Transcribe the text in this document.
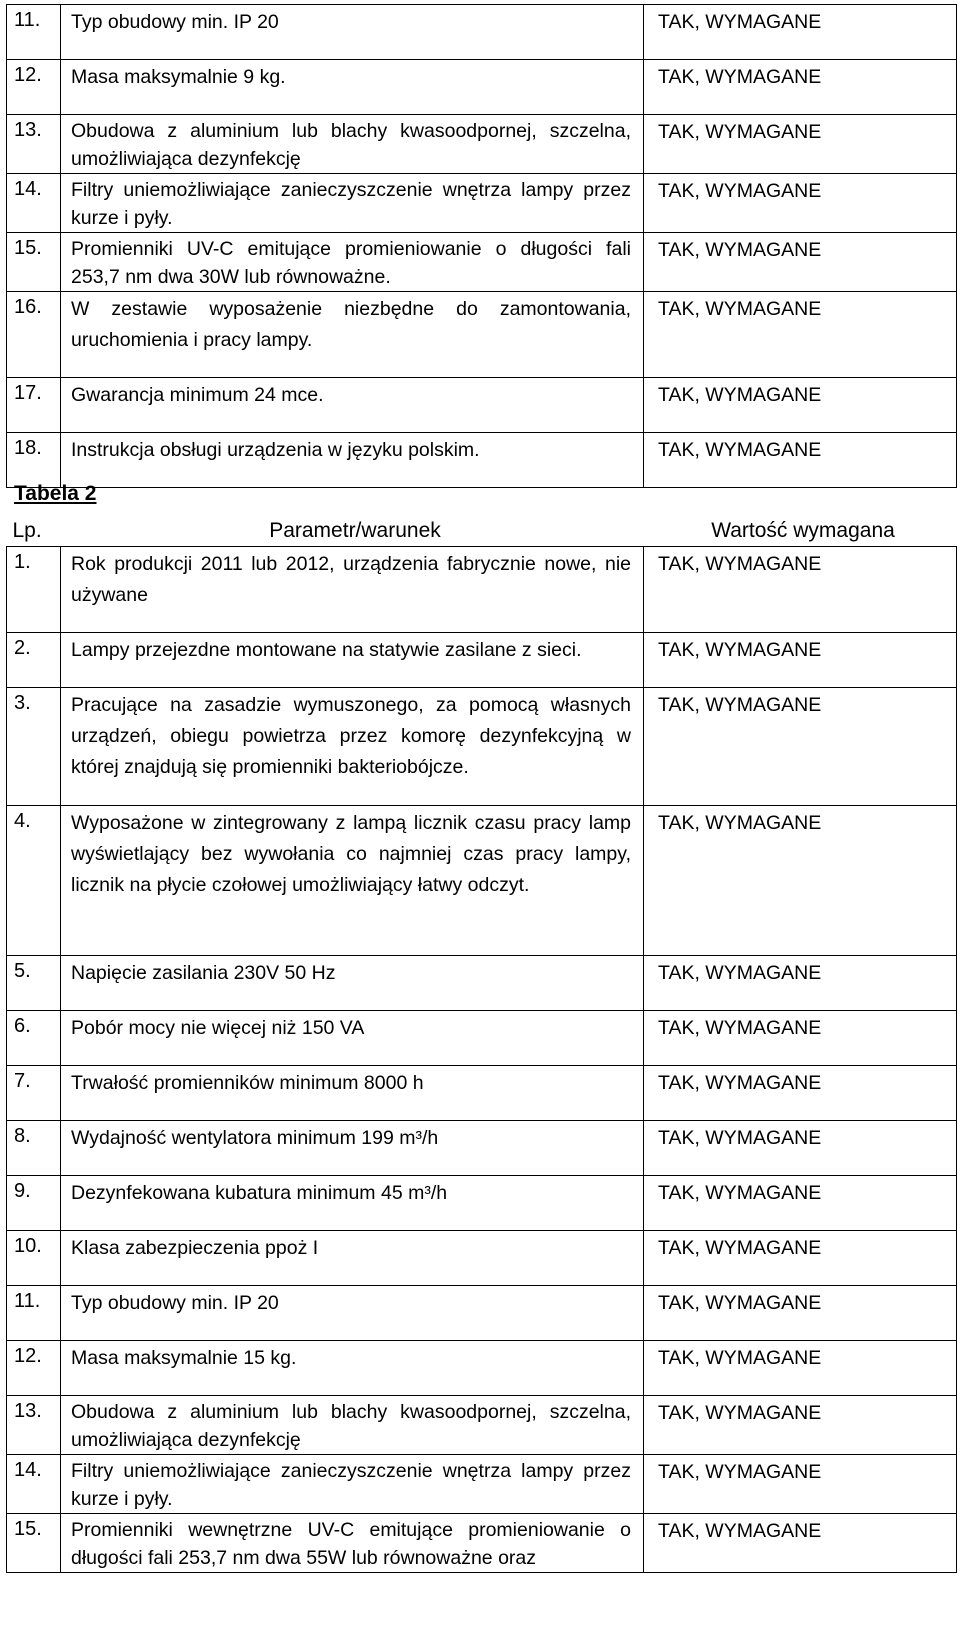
11.	Typ obudowy min. IP 20	TAK, WYMAGANE
12.	Masa maksymalnie 9 kg.	TAK, WYMAGANE
13.	Obudowa z aluminium lub blachy kwasoodpornej, szczelna, umożliwiająca dezynfekcję	TAK, WYMAGANE
14.	Filtry uniemożliwiające zanieczyszczenie wnętrza lampy przez kurze i pyły.	TAK, WYMAGANE
15.	Promienniki UV-C emitujące promieniowanie o długości fali 253,7 nm dwa 30W lub równoważne.	TAK, WYMAGANE
16.	W zestawie wyposażenie niezbędne do zamontowania, uruchomienia i pracy lampy.	TAK, WYMAGANE
17.	Gwarancja minimum 24 mce.	TAK, WYMAGANE
18.	Instrukcja obsługi urządzenia w języku polskim.	TAK, WYMAGANE
Tabela 2
Lp.	Parametr/warunek	Wartość wymagana
1.	Rok produkcji 2011 lub 2012, urządzenia fabrycznie nowe, nie używane	TAK, WYMAGANE
2.	Lampy przejezdne montowane na statywie zasilane z sieci.	TAK, WYMAGANE
3.	Pracujące na zasadzie wymuszonego, za pomocą własnych urządzeń, obiegu powietrza przez komorę dezynfekcyjną w której znajdują się promienniki bakteriobójcze.	TAK, WYMAGANE
4.	Wyposażone w zintegrowany z lampą licznik czasu pracy lamp wyświetlający bez wywołania co najmniej czas pracy lampy, licznik na płycie czołowej umożliwiający łatwy odczyt.	TAK, WYMAGANE
5.	Napięcie zasilania 230V 50 Hz	TAK, WYMAGANE
6.	Pobór mocy nie więcej niż 150 VA	TAK, WYMAGANE
7.	Trwałość promienników minimum 8000 h	TAK, WYMAGANE
8.	Wydajność wentylatora minimum 199 m³/h	TAK, WYMAGANE
9.	Dezynfekowana kubatura minimum 45 m³/h	TAK, WYMAGANE
10.	Klasa zabezpieczenia ppoż I	TAK, WYMAGANE
11.	Typ obudowy min. IP 20	TAK, WYMAGANE
12.	Masa maksymalnie 15 kg.	TAK, WYMAGANE
13.	Obudowa z aluminium lub blachy kwasoodpornej, szczelna, umożliwiająca dezynfekcję	TAK, WYMAGANE
14.	Filtry uniemożliwiające zanieczyszczenie wnętrza lampy przez kurze i pyły.	TAK, WYMAGANE
15.	Promienniki wewnętrzne UV-C emitujące promieniowanie o długości fali 253,7 nm dwa 55W lub równoważne oraz	TAK, WYMAGANE
